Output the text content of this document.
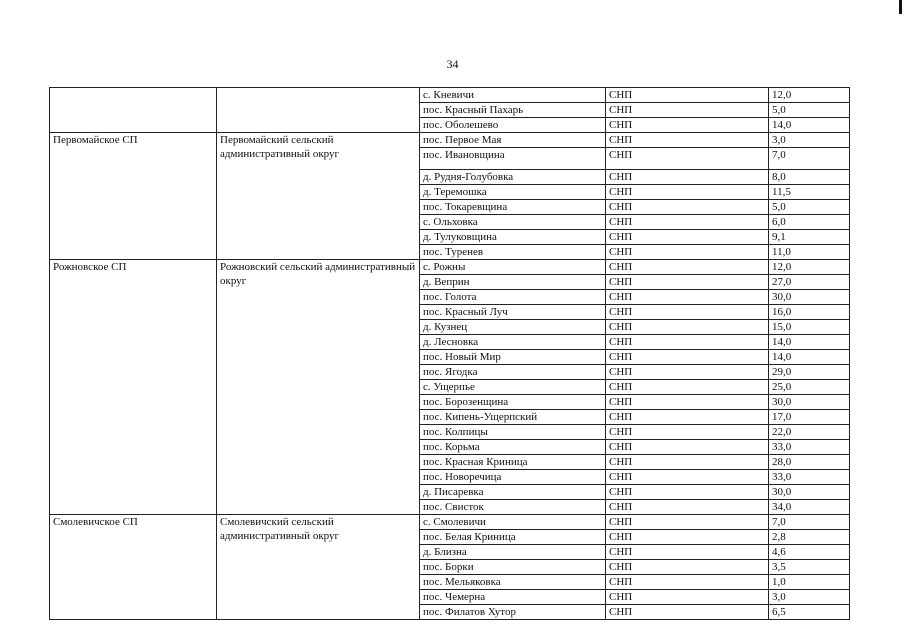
34
		с. Кневичи	СНП	12,0
		пос. Красный Пахарь	СНП	5,0
		пос. Оболешево	СНП	14,0
Первомайское СП	Первомайский сельский административный округ	пос. Первое Мая	СНП	3,0
		пос. Ивановщина	СНП	7,0
		д. Рудня-Голубовка	СНП	8,0
		д. Теремошка	СНП	11,5
		пос. Токаревщина	СНП	5,0
		с. Ольховка	СНП	6,0
		д. Тулуковщина	СНП	9,1
		пос. Туренев	СНП	11,0
Рожновское СП	Рожновский сельский административный округ	с. Рожны	СНП	12,0
		д. Веприн	СНП	27,0
		пос. Голота	СНП	30,0
		пос. Красный Луч	СНП	16,0
		д. Кузнец	СНП	15,0
		д. Лесновка	СНП	14,0
		пос. Новый Мир	СНП	14,0
		пос. Ягодка	СНП	29,0
		с. Ущерпье	СНП	25,0
		пос. Борозенщина	СНП	30,0
		пос. Кипень-Ущерпский	СНП	17,0
		пос. Колпицы	СНП	22,0
		пос. Корьма	СНП	33,0
		пос. Красная Криница	СНП	28,0
		пос. Новоречица	СНП	33,0
		д. Писаревка	СНП	30,0
		пос. Свисток	СНП	34,0
Смолевичское СП	Смолевичский сельский административный округ	с. Смолевичи	СНП	7,0
		пос. Белая Криница	СНП	2,8
		д. Близна	СНП	4,6
		пос. Борки	СНП	3,5
		пос. Мельяковка	СНП	1,0
		пос. Чемерна	СНП	3,0
		пос. Филатов Хутор	СНП	6,5
